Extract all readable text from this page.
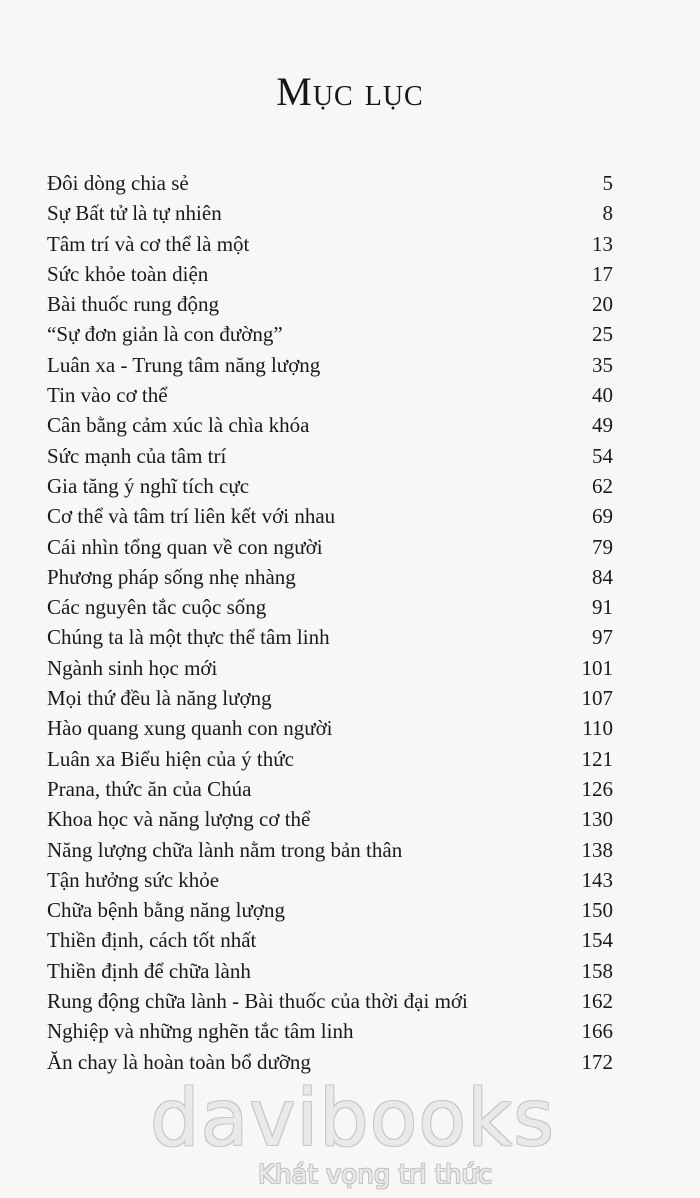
Mục lục
Đôi dòng chia sẻ	5
Sự Bất tử là tự nhiên	8
Tâm trí và cơ thể là một	13
Sức khỏe toàn diện	17
Bài thuốc rung động	20
“Sự đơn giản là con đường”	25
Luân xa - Trung tâm năng lượng	35
Tin vào cơ thể	40
Cân bằng cảm xúc là chìa khóa	49
Sức mạnh của tâm trí	54
Gia tăng ý nghĩ tích cực	62
Cơ thể và tâm trí liên kết với nhau	69
Cái nhìn tổng quan về con người	79
Phương pháp sống nhẹ nhàng	84
Các nguyên tắc cuộc sống	91
Chúng ta là một thực thể tâm linh	97
Ngành sinh học mới	101
Mọi thứ đều là năng lượng	107
Hào quang xung quanh con người	110
Luân xa Biểu hiện của ý thức	121
Prana, thức ăn của Chúa	126
Khoa học và năng lượng cơ thể	130
Năng lượng chữa lành nằm trong bản thân	138
Tận hưởng sức khỏe	143
Chữa bệnh bằng năng lượng	150
Thiền định, cách tốt nhất	154
Thiền định để chữa lành	158
Rung động chữa lành - Bài thuốc của thời đại mới	162
Nghiệp và những nghẽn tắc tâm linh	166
Ăn chay là hoàn toàn bổ dưỡng	172
davibooks
Khát vọng tri thức
